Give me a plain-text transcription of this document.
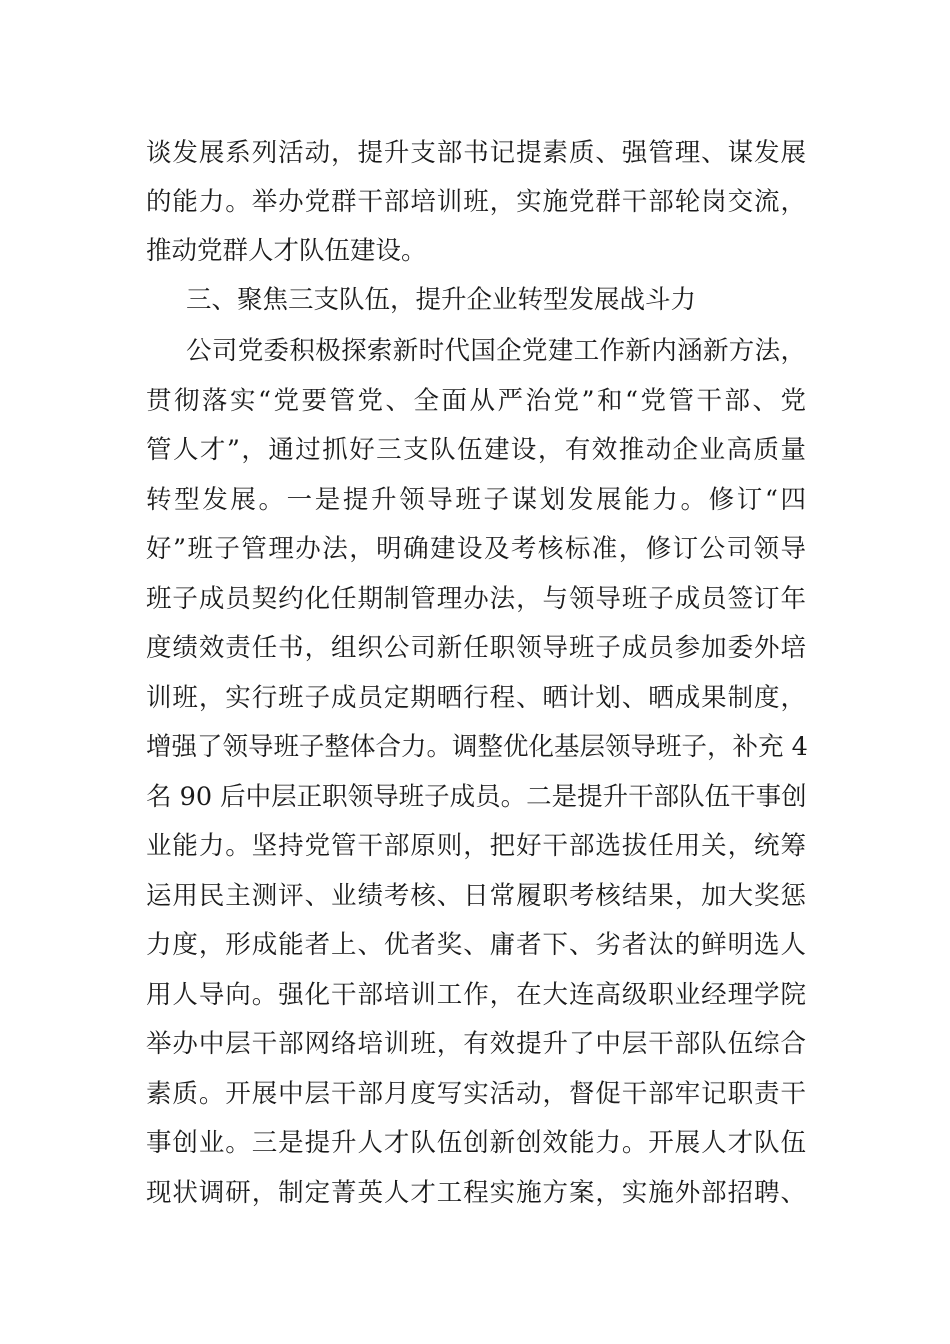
谈发展系列活动，提升支部书记提素质、强管理、谋发展
的能力。举办党群干部培训班，实施党群干部轮岗交流，
推动党群人才队伍建设。
三、聚焦三支队伍，提升企业转型发展战斗力
公司党委积极探索新时代国企党建工作新内涵新方法，
贯彻落实“党要管党、全面从严治党”和“党管干部、党
管人才”，通过抓好三支队伍建设，有效推动企业高质量
转型发展。一是提升领导班子谋划发展能力。修订“四
好”班子管理办法，明确建设及考核标准，修订公司领导
班子成员契约化任期制管理办法，与领导班子成员签订年
度绩效责任书，组织公司新任职领导班子成员参加委外培
训班，实行班子成员定期晒行程、晒计划、晒成果制度，
增强了领导班子整体合力。调整优化基层领导班子，补充 4
名 90 后中层正职领导班子成员。二是提升干部队伍干事创
业能力。坚持党管干部原则，把好干部选拔任用关，统筹
运用民主测评、业绩考核、日常履职考核结果，加大奖惩
力度，形成能者上、优者奖、庸者下、劣者汰的鲜明选人
用人导向。强化干部培训工作，在大连高级职业经理学院
举办中层干部网络培训班，有效提升了中层干部队伍综合
素质。开展中层干部月度写实活动，督促干部牢记职责干
事创业。三是提升人才队伍创新创效能力。开展人才队伍
现状调研，制定菁英人才工程实施方案，实施外部招聘、
